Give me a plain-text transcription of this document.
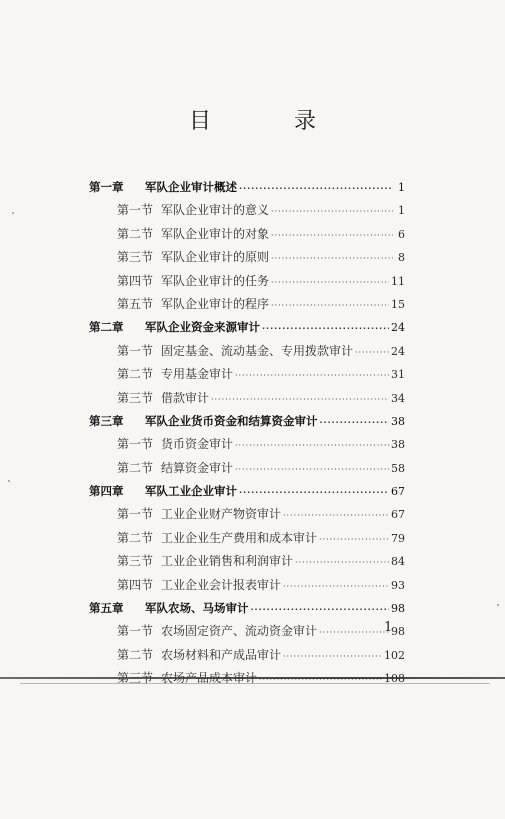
目 录
第一章	军队企业审计概述 ·····	1
第一节 军队企业审计的意义 ·····	1
第二节 军队企业审计的对象 ·····	6
第三节 军队企业审计的原则 ·····	8
第四节 军队企业审计的任务 ·····	11
第五节 军队企业审计的程序 ·····	15
第二章	军队企业资金来源审计 ·····	24
第一节 固定基金、流动基金、专用拨款审计 ·····	24
第二节 专用基金审计 ·····	31
第三节 借款审计 ·····	34
第三章	军队企业货币资金和结算资金审计 ·····	38
第一节 货币资金审计 ·····	38
第二节 结算资金审计 ·····	58
第四章	军队工业企业审计 ·····	67
第一节 工业企业财产物资审计 ·····	67
第二节 工业企业生产费用和成本审计 ·····	79
第三节 工业企业销售和利润审计 ·····	84
第四节 工业企业会计报表审计 ·····	93
第五章	军队农场、马场审计 ·····	98
第一节 农场固定资产、流动资金审计 ·····	98
第二节 农场材料和产成品审计 ·····	102
·····
1
